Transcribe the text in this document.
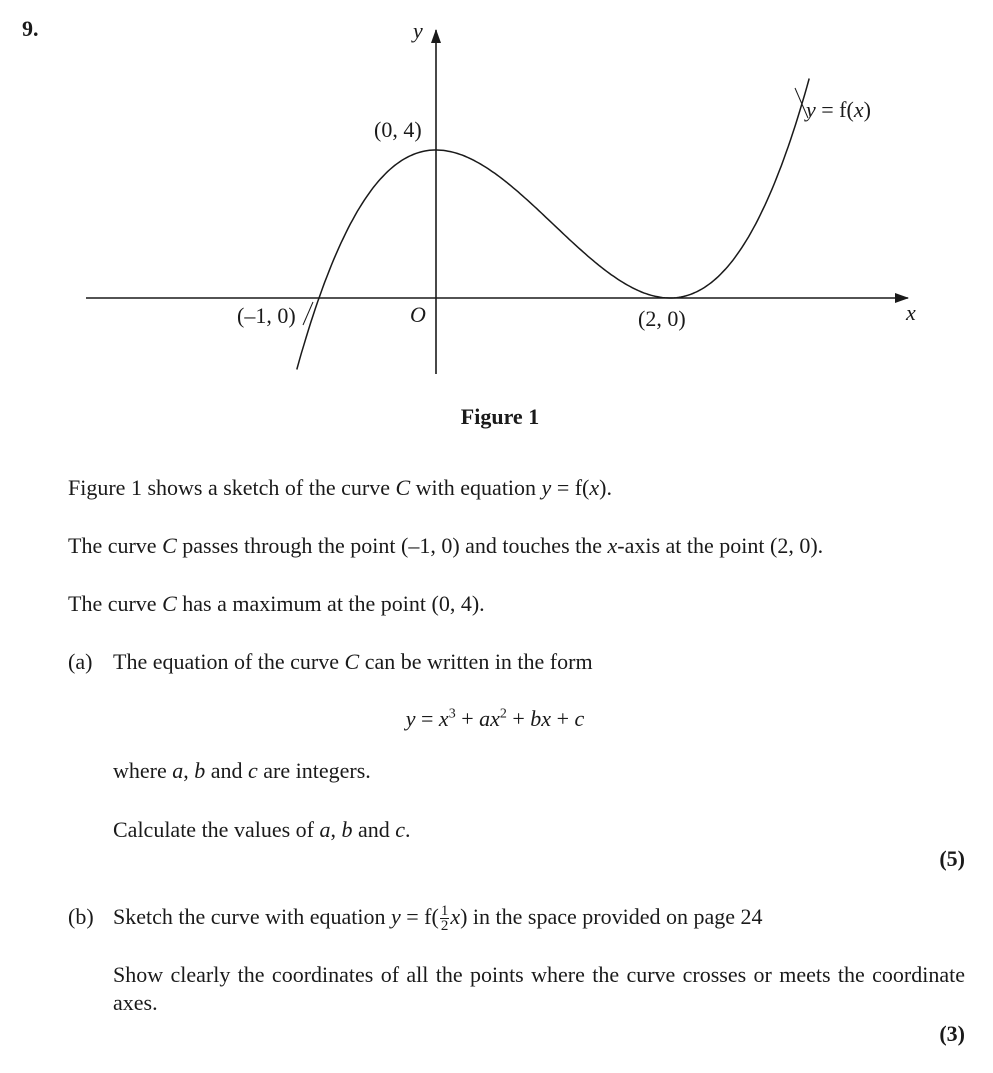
9.	y
x
O
(0, 4)
(–1, 0)	(2, 0)
y = f(x)
Figure 1
Figure 1 shows a sketch of the curve C with equation y = f(x).
The curve C passes through the point (–1, 0) and touches the x-axis at the point (2, 0).
The curve C has a maximum at the point (0, 4).
(a) The equation of the curve C can be written in the form
$y = x^3 + ax^2$ + bx + c
where a, b and c are integers.
Calculate the values of a, b and c.
(5)
(b) Sketch the curve with equation $y = f( \frac{1}{2} x)$ in the space provided on page 24
Show clearly the coordinates of all the points where the curve crosses or meets the coordinate axes.
(3)
